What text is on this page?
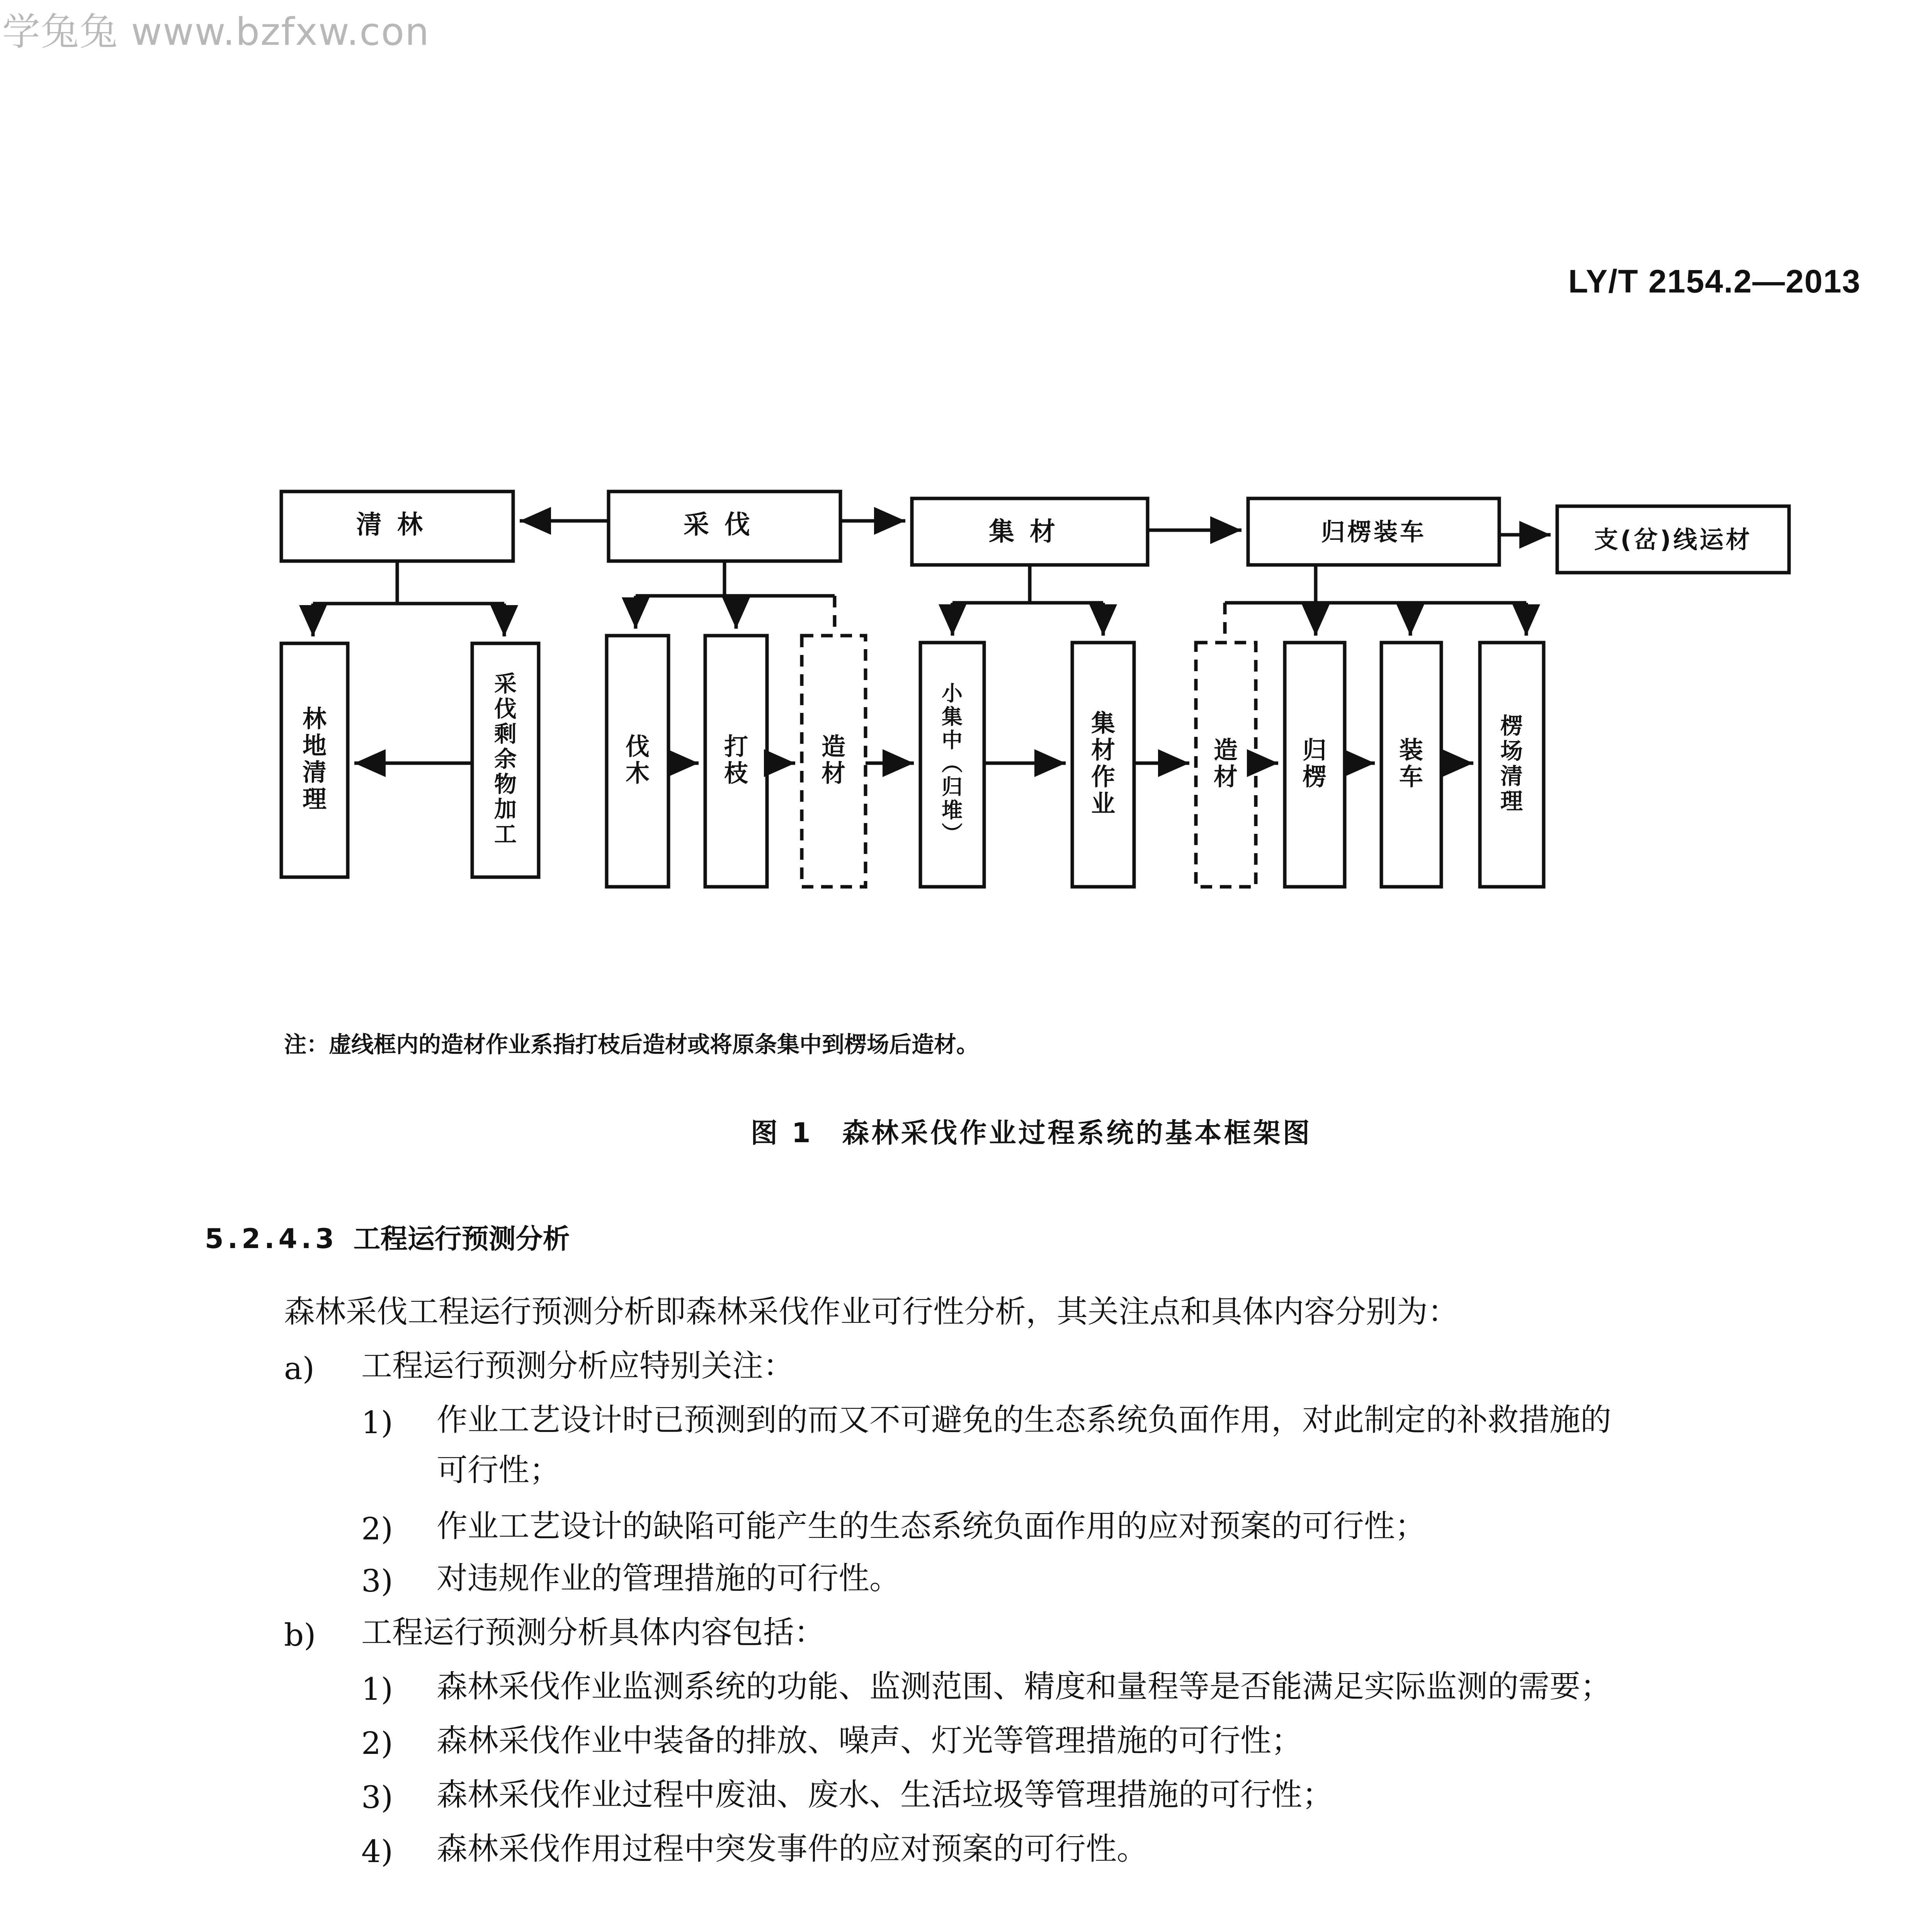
学兔兔 www.bzfxw.con
LY/T 2154.2—2013
清林	采伐	集材	归楞装车	支(岔)线运材
林地清理
采伐剩余物加工
伐木
打枝
造材
小集中︵归堆︶
集材作业
造材
归楞
装车
楞场清理
注：虚线框内的造材作业系指打枝后造材或将原条集中到楞场后造材。
图 1　森林采伐作业过程系统的基本框架图
5.2.4.3 工程运行预测分析
森林采伐工程运行预测分析即森林采伐作业可行性分析，其关注点和具体内容分别为：
a) 工程运行预测分析应特别关注：
1) 作业工艺设计时已预测到的而又不可避免的生态系统负面作用，对此制定的补救措施的
可行性；
2) 作业工艺设计的缺陷可能产生的生态系统负面作用的应对预案的可行性；
3) 对违规作业的管理措施的可行性。
b) 工程运行预测分析具体内容包括：
1) 森林采伐作业监测系统的功能、监测范围、精度和量程等是否能满足实际监测的需要；
2) 森林采伐作业中装备的排放、噪声、灯光等管理措施的可行性；
3) 森林采伐作业过程中废油、废水、生活垃圾等管理措施的可行性；
4) 森林采伐作用过程中突发事件的应对预案的可行性。
